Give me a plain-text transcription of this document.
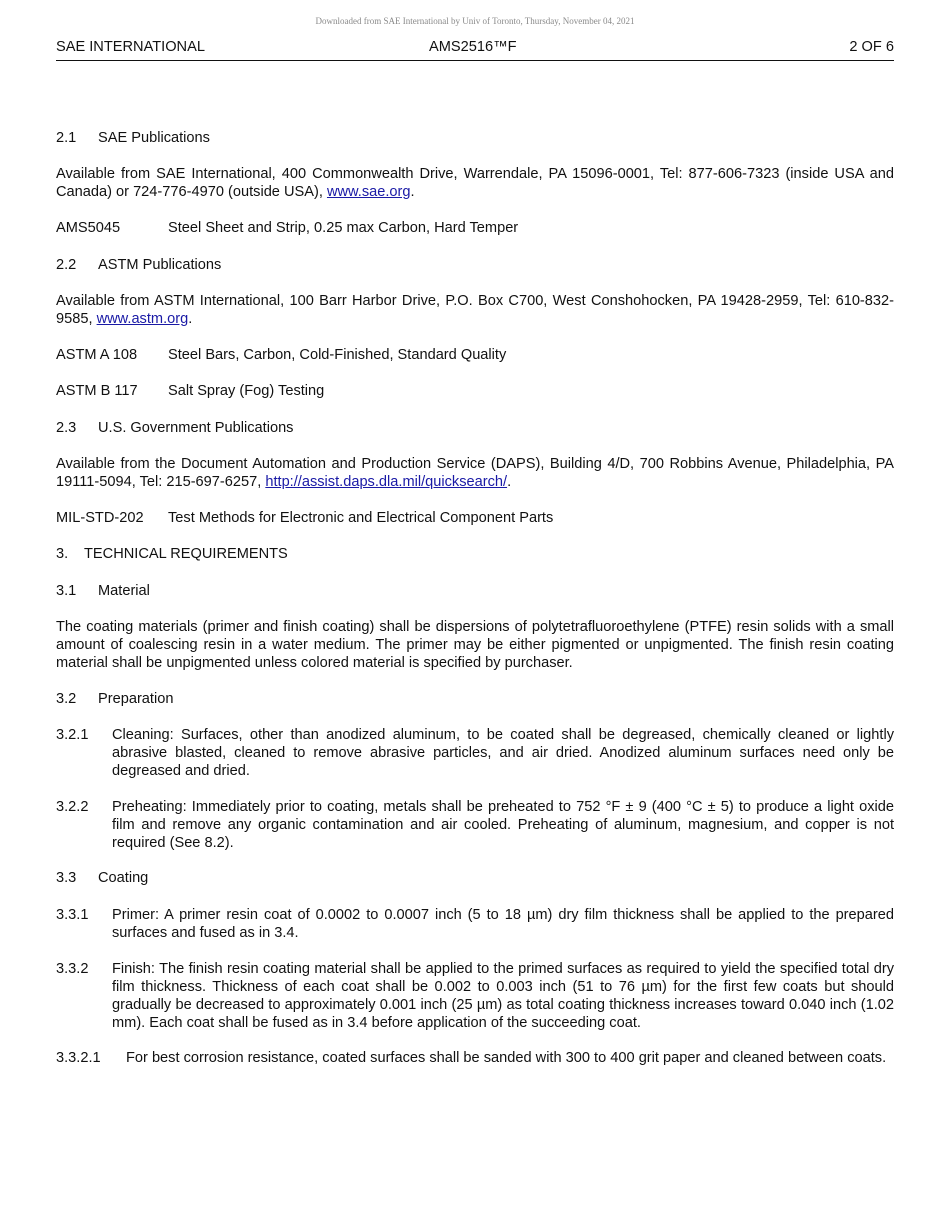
Downloaded from SAE International by Univ of Toronto, Thursday, November 04, 2021
SAE INTERNATIONAL	AMS2516™F	2 OF 6
2.1 SAE Publications
Available from SAE International, 400 Commonwealth Drive, Warrendale, PA 15096-0001, Tel: 877-606-7323 (inside USA and Canada) or 724-776-4970 (outside USA), www.sae.org.
AMS5045	Steel Sheet and Strip, 0.25 max Carbon, Hard Temper
2.2 ASTM Publications
Available from ASTM International, 100 Barr Harbor Drive, P.O. Box C700, West Conshohocken, PA 19428-2959, Tel: 610-832-9585, www.astm.org.
ASTM A 108 Steel Bars, Carbon, Cold-Finished, Standard Quality
ASTM B 117 Salt Spray (Fog) Testing
2.3 U.S. Government Publications
Available from the Document Automation and Production Service (DAPS), Building 4/D, 700 Robbins Avenue, Philadelphia, PA 19111-5094, Tel: 215-697-6257, http://assist.daps.dla.mil/quicksearch/.
MIL-STD-202 Test Methods for Electronic and Electrical Component Parts
3. TECHNICAL REQUIREMENTS
3.1 Material
The coating materials (primer and finish coating) shall be dispersions of polytetrafluoroethylene (PTFE) resin solids with a small amount of coalescing resin in a water medium. The primer may be either pigmented or unpigmented. The finish resin coating material shall be unpigmented unless colored material is specified by purchaser.
3.2 Preparation
3.2.1 Cleaning: Surfaces, other than anodized aluminum, to be coated shall be degreased, chemically cleaned or lightly abrasive blasted, cleaned to remove abrasive particles, and air dried. Anodized aluminum surfaces need only be degreased and dried.
3.2.2 Preheating: Immediately prior to coating, metals shall be preheated to 752 °F ± 9 (400 °C ± 5) to produce a light oxide film and remove any organic contamination and air cooled. Preheating of aluminum, magnesium, and copper is not required (See 8.2).
3.3 Coating
3.3.1 Primer: A primer resin coat of 0.0002 to 0.0007 inch (5 to 18 µm) dry film thickness shall be applied to the prepared surfaces and fused as in 3.4.
3.3.2 Finish: The finish resin coating material shall be applied to the primed surfaces as required to yield the specified total dry film thickness. Thickness of each coat shall be 0.002 to 0.003 inch (51 to 76 µm) for the first few coats but should gradually be decreased to approximately 0.001 inch (25 µm) as total coating thickness increases toward 0.040 inch (1.02 mm). Each coat shall be fused as in 3.4 before application of the succeeding coat.
3.3.2.1 For best corrosion resistance, coated surfaces shall be sanded with 300 to 400 grit paper and cleaned between coats.
